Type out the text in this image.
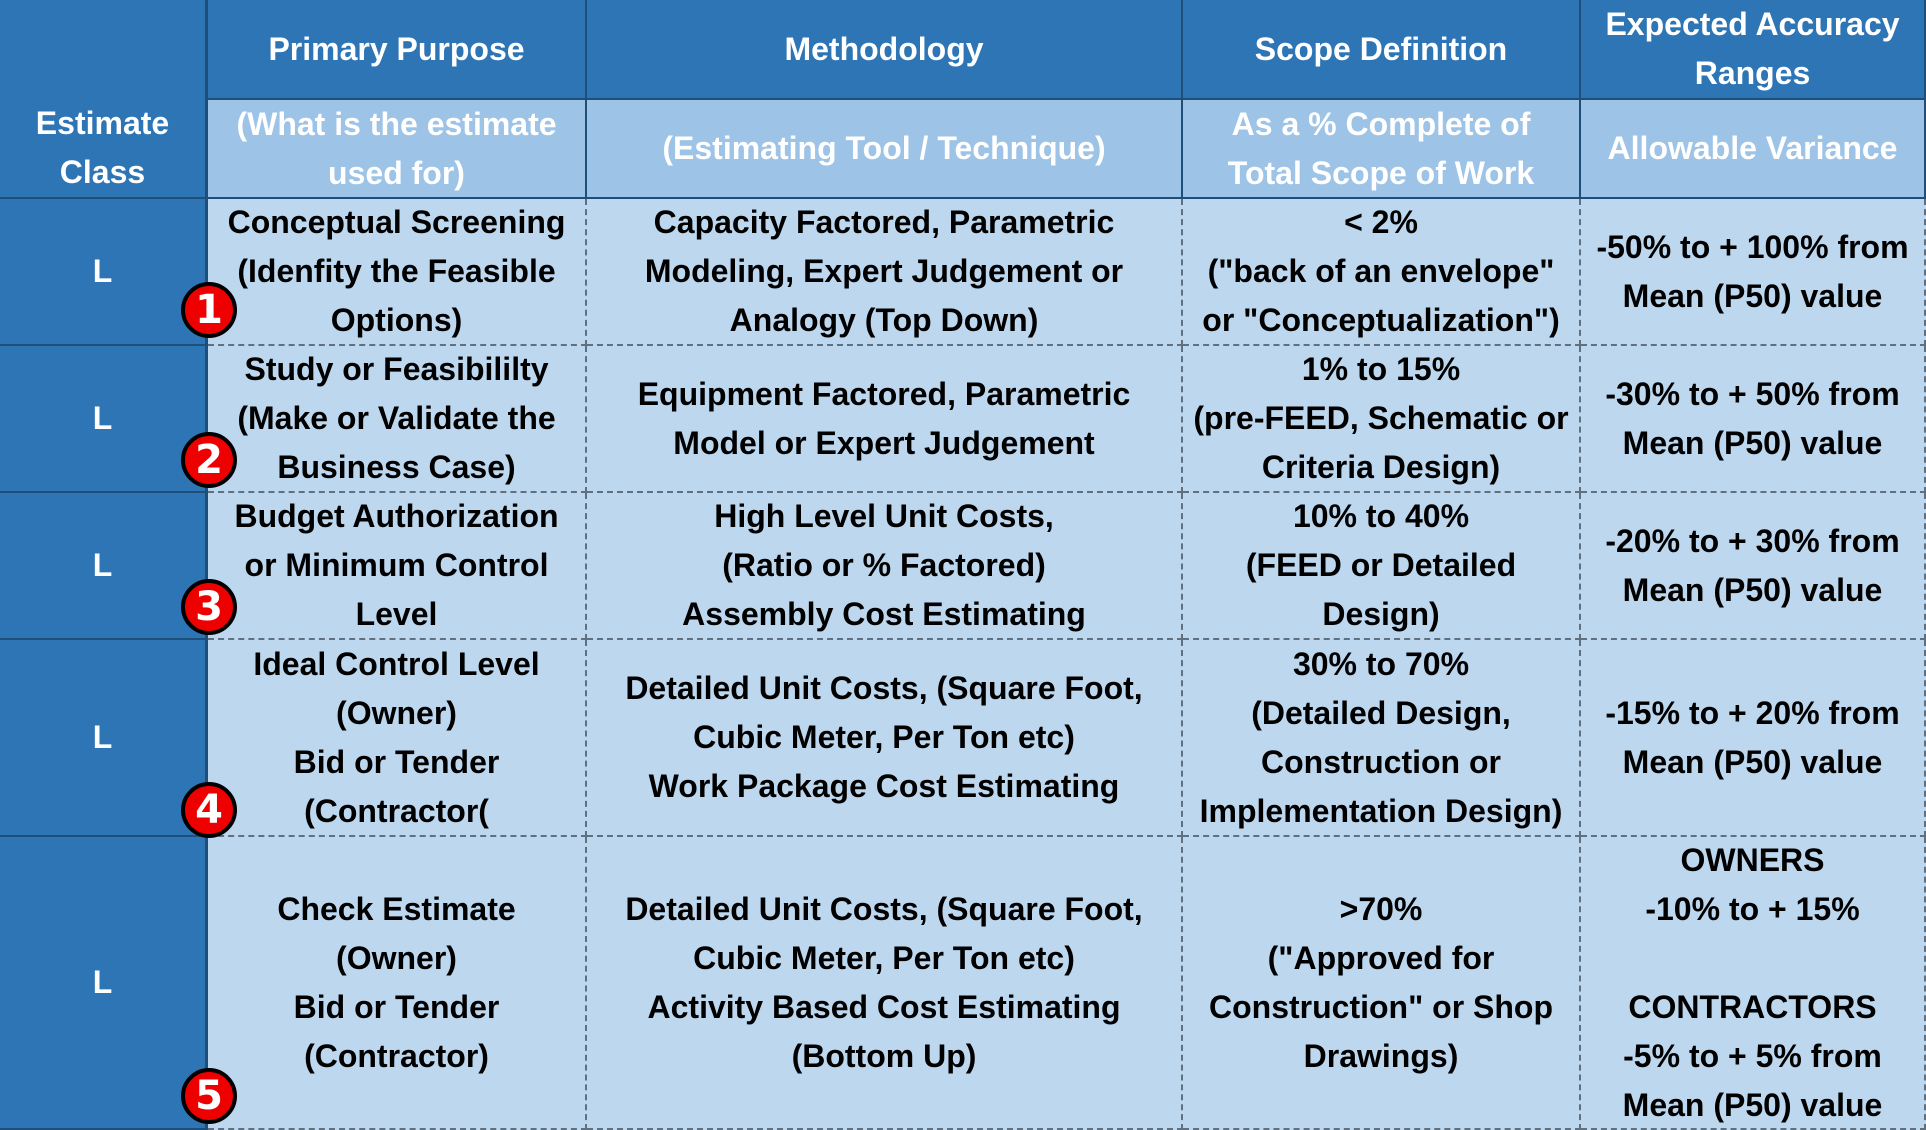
Estimate
Class
Primary Purpose
(What is the estimate
used for)
Methodology
(Estimating Tool / Technique)
Scope Definition
As a % Complete of
Total Scope of Work
Expected Accuracy
Ranges
Allowable Variance
L
Conceptual Screening
(Idenfity the Feasible
Options)
Capacity Factored, Parametric
Modeling, Expert Judgement or
Analogy (Top Down)
< 2%
("back of an envelope"
or "Conceptualization")
-50% to + 100% from
Mean (P50) value
L
Study or Feasibililty
(Make or Validate the
Business Case)
Equipment Factored, Parametric
Model or Expert Judgement
1% to 15%
(pre-FEED, Schematic or
Criteria Design)
-30% to + 50% from
Mean (P50) value
L
Budget Authorization
or Minimum Control
Level
High Level Unit Costs,
(Ratio or % Factored)
Assembly Cost Estimating
10% to 40%
(FEED or Detailed
Design)
-20% to + 30% from
Mean (P50) value
L
Ideal Control Level
(Owner)
Bid or Tender
(Contractor(
Detailed Unit Costs, (Square Foot,
Cubic Meter, Per Ton etc)
Work Package Cost Estimating
30% to 70%
(Detailed Design,
Construction or
Implementation Design)
-15% to + 20% from
Mean (P50) value
L
Check Estimate
(Owner)
Bid or Tender
(Contractor)
Detailed Unit Costs, (Square Foot,
Cubic Meter, Per Ton etc)
Activity Based Cost Estimating
(Bottom Up)
>70%
("Approved for
Construction" or Shop
Drawings)
OWNERS
-10% to + 15%

CONTRACTORS
-5% to + 5% from
Mean (P50) value
1
2
3
4
5
